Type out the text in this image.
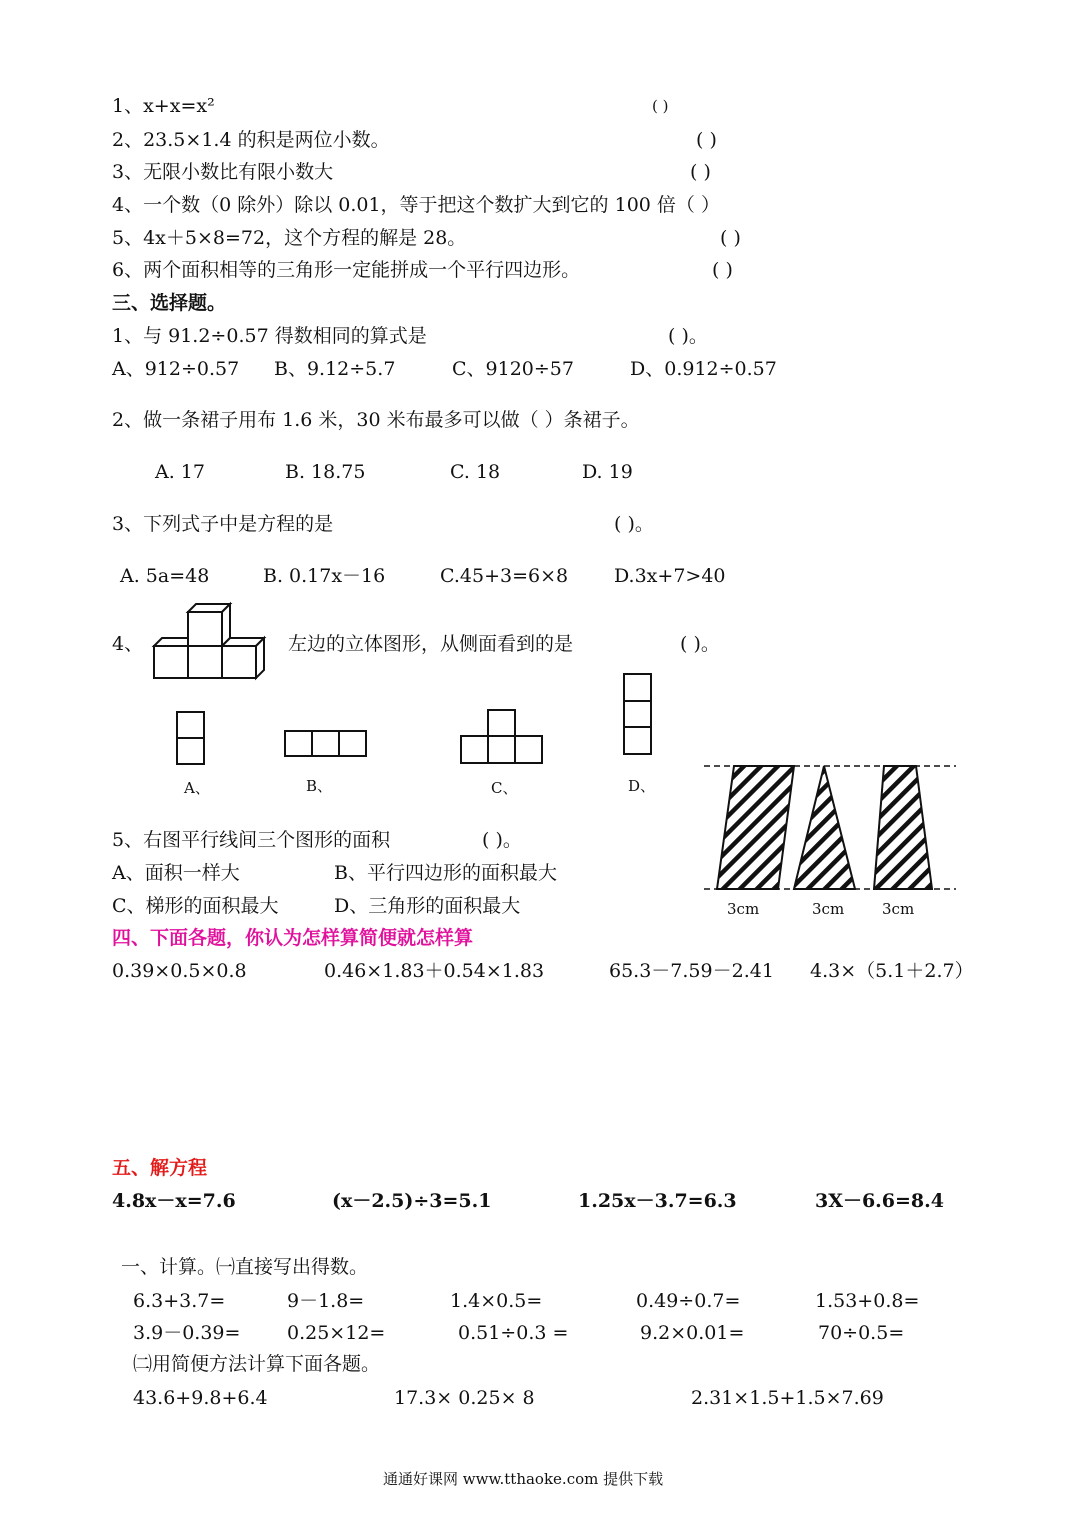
1、x+x=x²	( )
2、23.5×1.4 的积是两位小数。	( )
3、无限小数比有限小数大	( )
4、一个数（0 除外）除以 0.01，等于把这个数扩大到它的 100 倍（ ）
5、4x＋5×8=72，这个方程的解是 28。	( )
6、两个面积相等的三角形一定能拼成一个平行四边形。	( )
三、选择题。
1、与 91.2÷0.57 得数相同的算式是	( )。
A、912÷0.57 B、9.12÷5.7	C、9120÷57	D、0.912÷0.57
2、做一条裙子用布 1.6 米，30 米布最多可以做（ ）条裙子。
A. 17	B. 18.75	C. 18	D. 19
3、下列式子中是方程的是	( )。
A. 5a=48	B. 0.17x－16	C.45+3=6×8 D.3x+7>40
4、	左边的立体图形，从侧面看到的是	( )。
A、	B、	C、	D、
3cm	3cm	3cm
5、右图平行线间三个图形的面积	( )。
A、面积一样大	B、平行四边形的面积最大
C、梯形的面积最大	D、三角形的面积最大
四、下面各题，你认为怎样算简便就怎样算
0.39×0.5×0.8	0.46×1.83＋0.54×1.83	65.3－7.59－2.41 4.3×（5.1＋2.7）
五、解方程
4.8x－x=7.6	(x－2.5)÷3=5.1	1.25x－3.7=6.3	3X－6.6=8.4
一、计算。㈠直接写出得数。
6.3+3.7=	9－1.8=	1.4×0.5=	0.49÷0.7=	1.53+0.8=
3.9－0.39= 0.25×12=	0.51÷0.3 =	9.2×0.01=	70÷0.5=
㈡用简便方法计算下面各题。
43.6+9.8+6.4	17.3× 0.25× 8	2.31×1.5+1.5×7.69
通通好课网 www.tthaoke.com 提供下载
